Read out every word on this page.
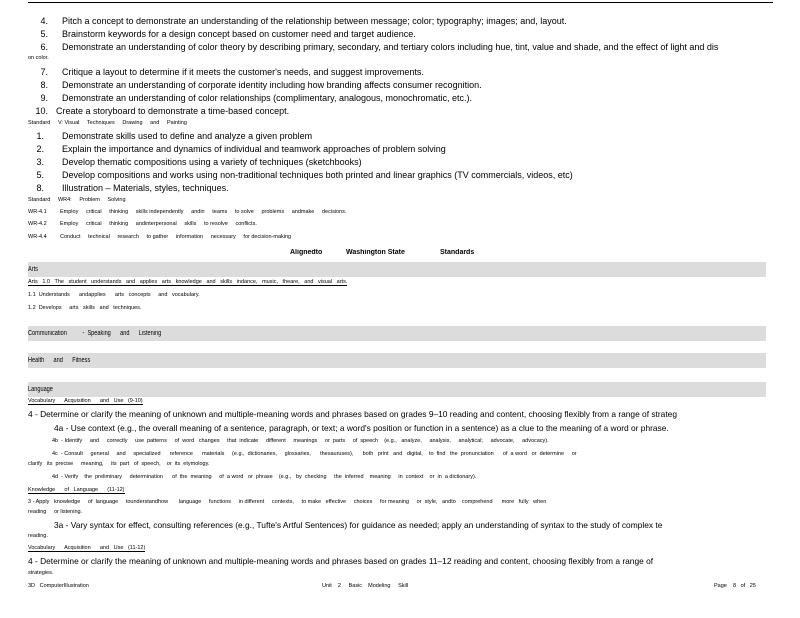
4. Pitch a concept to demonstrate an understanding of the relationship between message; color; typography; images; and, layout.
5. Brainstorm keywords for a design concept based on customer need and target audience.
6. Demonstrate an understanding of color theory by describing primary, secondary, and tertiary colors including hue, tint, value and shade, and the effect of light and dis
on color.
7. Critique a layout to determine if it meets the customer's needs, and suggest improvements.
8. Demonstrate an understanding of corporate identity including how branding affects consumer recognition.
9. Demonstrate an understanding of color relationships (complimentary, analogous, monochromatic, etc.).
10. Create a storyboard to demonstrate a time-based concept.
Standard     V: Visual     Techniques     Drawing     and     Painting
1. Demonstrate skills used to define and analyze a given problem
2. Explain the importance and dynamics of individual and teamwork approaches of problem solving
3. Develop thematic compositions using a variety of techniques (sketchbooks)
5. Develop compositions and works using non-traditional techniques both printed and linear graphics (TV commercials, videos, etc)
8. Illustration – Materials, styles, techniques.
Standard     WR4:     Problem     Solving
WR-4.1 Employ     critical     thinking     skills independently     andin     teams     to solve     problems     andmake     decisions.
WR-4.2 Employ     critical     thinking     andinterpersonal     skills     to resolve     conflicts.
WR-4.4 Conduct     technical     research     to gather     information     necessary     for decision-making
Alignedto	Washington State	Standards
Arts
Arts   1.0   The   student   understands   and   applies   arts   knowledge   and   skills   indance,   music,   theare,   and   visual   arts.
1.1  Understands      andapplies      arts   concepts     and   vocabulary.
1.2  Develops     arts   skills   and   techniques.
Communication          -  Speaking      and      Listening
Health      and      Fitness
Language
Vocabulary      Acquisition      and   Use   (9-10)
4 - Determine or clarify the meaning of unknown and multiple-meaning words and phrases based on grades 9–10 reading and content, choosing flexibly from a range of strateg
4a - Use context (e.g., the overall meaning of a sentence, paragraph, or text; a word's position or function in a sentence) as a clue to the meaning of a word or phrase.
4b  - Identify     and     correctly     use  patterns     of  word   changes     that  indicate     different     meanings     or  parts     of  speech    (e.g.,   analyze,     analysis,     analytical;     advocate,     advocacy).
4c  - Consult     general     and     specialized      reference      materials     (e.g.,  dictionaries,     glossaries,      thesauruses),      both   print   and   digital,    to  find   the  pronunciation      of  a word   or  determine     or
clarify   its  precise     meaning,     its  part   of  speech,    or  its  etymology.
4d  - Verify    the  preliminary     determination      of  the  meaning     of  a word   or  phrase    (e.g.,   by  checking     the  inferred    meaning     in  context    or  in  a dictionary).
Knowledge      of   Language      (11-12)
3 - Apply   knowledge     of  language     tounderstandhow       language     functions     in different     contexts,     to make   effective     choices     for meaning     or  style,   andto    comprehend      more   fully   when
reading     or listening.
3a - Vary syntax for effect, consulting references (e.g., Tufte's Artful Sentences) for guidance as needed; apply an understanding of syntax to the study of complex te
reading.
Vocabulary      Acquisition      and   Use   (11-12)
4 - Determine or clarify the meaning of unknown and multiple-meaning words and phrases based on grades 11–12 reading and content, choosing flexibly from a range of
strategies.
3D   ComputerIllustration	Unit    2     Basic    Modeling     Skill	Page    8   of   25
